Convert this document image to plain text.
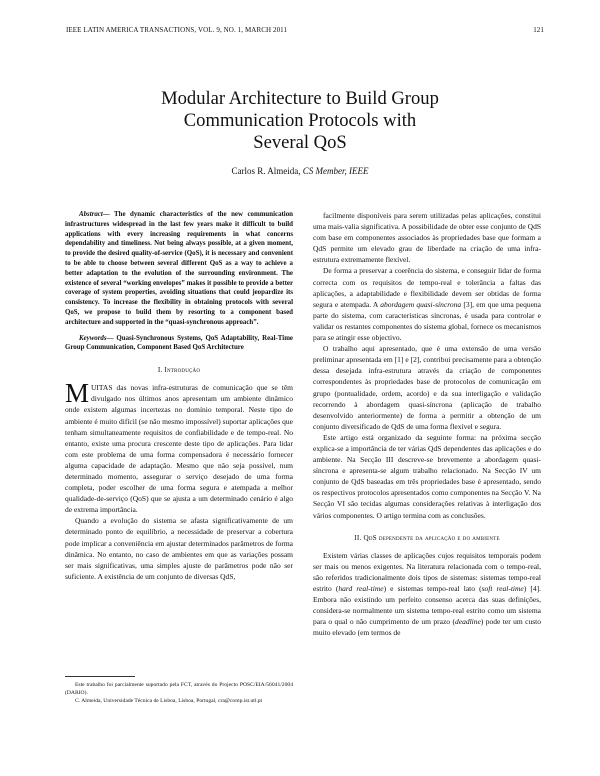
IEEE LATIN AMERICA TRANSACTIONS, VOL. 9, NO. 1, MARCH 2011	121
Modular Architecture to Build Group
Communication Protocols with
Several QoS
Carlos R. Almeida, CS Member, IEEE

Abstract— The dynamic characteristics of the new communication infrastructures widespread in the last few years make it difficult to build applications with every increasing requirements in what concerns dependability and timeliness. Not being always possible, at a given moment, to provide the desired quality-of-service (QoS), it is necessary and convenient to be able to choose between several different QoS as a way to achieve a better adaptation to the evolution of the surrounding environment. The existence of several “working envelopes” makes it possible to provide a better coverage of system properties, avoiding situations that could jeopardize its consistency. To increase the flexibility in obtaining protocols with several QoS, we propose to build them by resorting to a component based architecture and supported in the “quasi-synchronous approach”.

Keywords— Quasi-Synchronous Systems, QoS Adaptability, Real-Time Group Communication, Component Based QoS Architecture

I. Introdução

MUITAS das novas infra-estruturas de comunicação que se têm divulgado nos últimos anos apresentam um ambiente dinâmico onde existem algumas incertezas no domínio temporal. Neste tipo de ambiente é muito difícil (se não mesmo impossível) suportar aplicações que tenham simultaneamente requisitos de confiabilidade e de tempo-real. No entanto, existe uma procura crescente deste tipo de aplicações. Para lidar com este problema de uma forma compensadora é necessário fornecer alguma capacidade de adaptação. Mesmo que não seja possível, num determinado momento, assegurar o serviço desejado de uma forma completa, poder escolher de uma forma segura e atempada a melhor qualidade-de-serviço (QoS) que se ajusta a um determinado cenário é algo de extrema importância.

Quando a evolução do sistema se afasta significativamente de um determinado ponto de equilíbrio, a necessidade de preservar a cobertura pode implicar a conveniência em ajustar determinados parâmetros de forma dinâmica. No entanto, no caso de ambientes em que as variações possam ser mais significativas, uma simples ajuste de parâmetros pode não ser suficiente. A existência de um conjunto de diversas QdS,

Este trabalho foi parcialmente suportado pela FCT, através do Projecto POSC/EIA/56041/2004 (DARIO).

C. Almeida, Universidade Técnica de Lisboa, Lisboa, Portugal, cra@comp.ist.utl.pt

facilmente disponíveis para serem utilizadas pelas aplicações, constitui uma mais-valia significativa. A possibilidade de obter esse conjunto de QdS com base em componentes associados às propriedades base que formam a QdS permite um elevado grau de liberdade na criação de uma infra-estrutura extremamente flexível.

De forma a preservar a coerência do sistema, e conseguir lidar de forma correcta com os requisitos de tempo-real e tolerância a faltas das aplicações, a adaptabilidade e flexibilidade devem ser obtidas de forma segura e atempada. A abordagem quasi-síncrona [3], em que uma pequena parte do sistema, com características síncronas, é usada para controlar e validar os restantes componentes do sistema global, fornece os mecanismos para se atingir esse objectivo.

O trabalho aqui apresentado, que é uma extensão de uma versão preliminar apresentada em [1] e [2], contribui precisamente para a obtenção dessa desejada infra-estrutura através da criação de componentes correspondentes às propriedades base de protocolos de comunicação em grupo (pontualidade, ordem, acordo) e da sua interligação e validação recorrendo à abordagem quasi-síncrona (aplicação de trabalho desenvolvido anteriormente) de forma a permitir a obtenção de um conjunto diversificado de QdS de uma forma flexível e segura.

Este artigo está organizado da seguinte forma: na próxima secção explica-se a importância de ter várias QdS dependentes das aplicações e do ambiente. Na Secção III descreve-se brevemente a abordagem quasi-síncrona e apresenta-se algum trabalho relacionado. Na Secção IV um conjunto de QdS baseadas em três propriedades base é apresentado, sendo os respectivos protocolos apresentados como componentes na Secção V. Na Secção VI são tecidas algumas considerações relativas à interligação dos vários componentes. O artigo termina com as conclusões.

II. QdS dependente da aplicação e do ambiente

Existem várias classes de aplicações cujos requisitos temporais podem ser mais ou menos exigentes. Na literatura relacionada com o tempo-real, são referidos tradicionalmente dois tipos de sistemas: sistemas tempo-real estrito (hard real-time) e sistemas tempo-real lato (soft real-time) [4]. Embora não existindo um perfeito consenso acerca das suas definições, considera-se normalmente um sistema tempo-real estrito como um sistema para o qual o não cumprimento de um prazo (deadline) pode ter um custo muito elevado (em termos de
